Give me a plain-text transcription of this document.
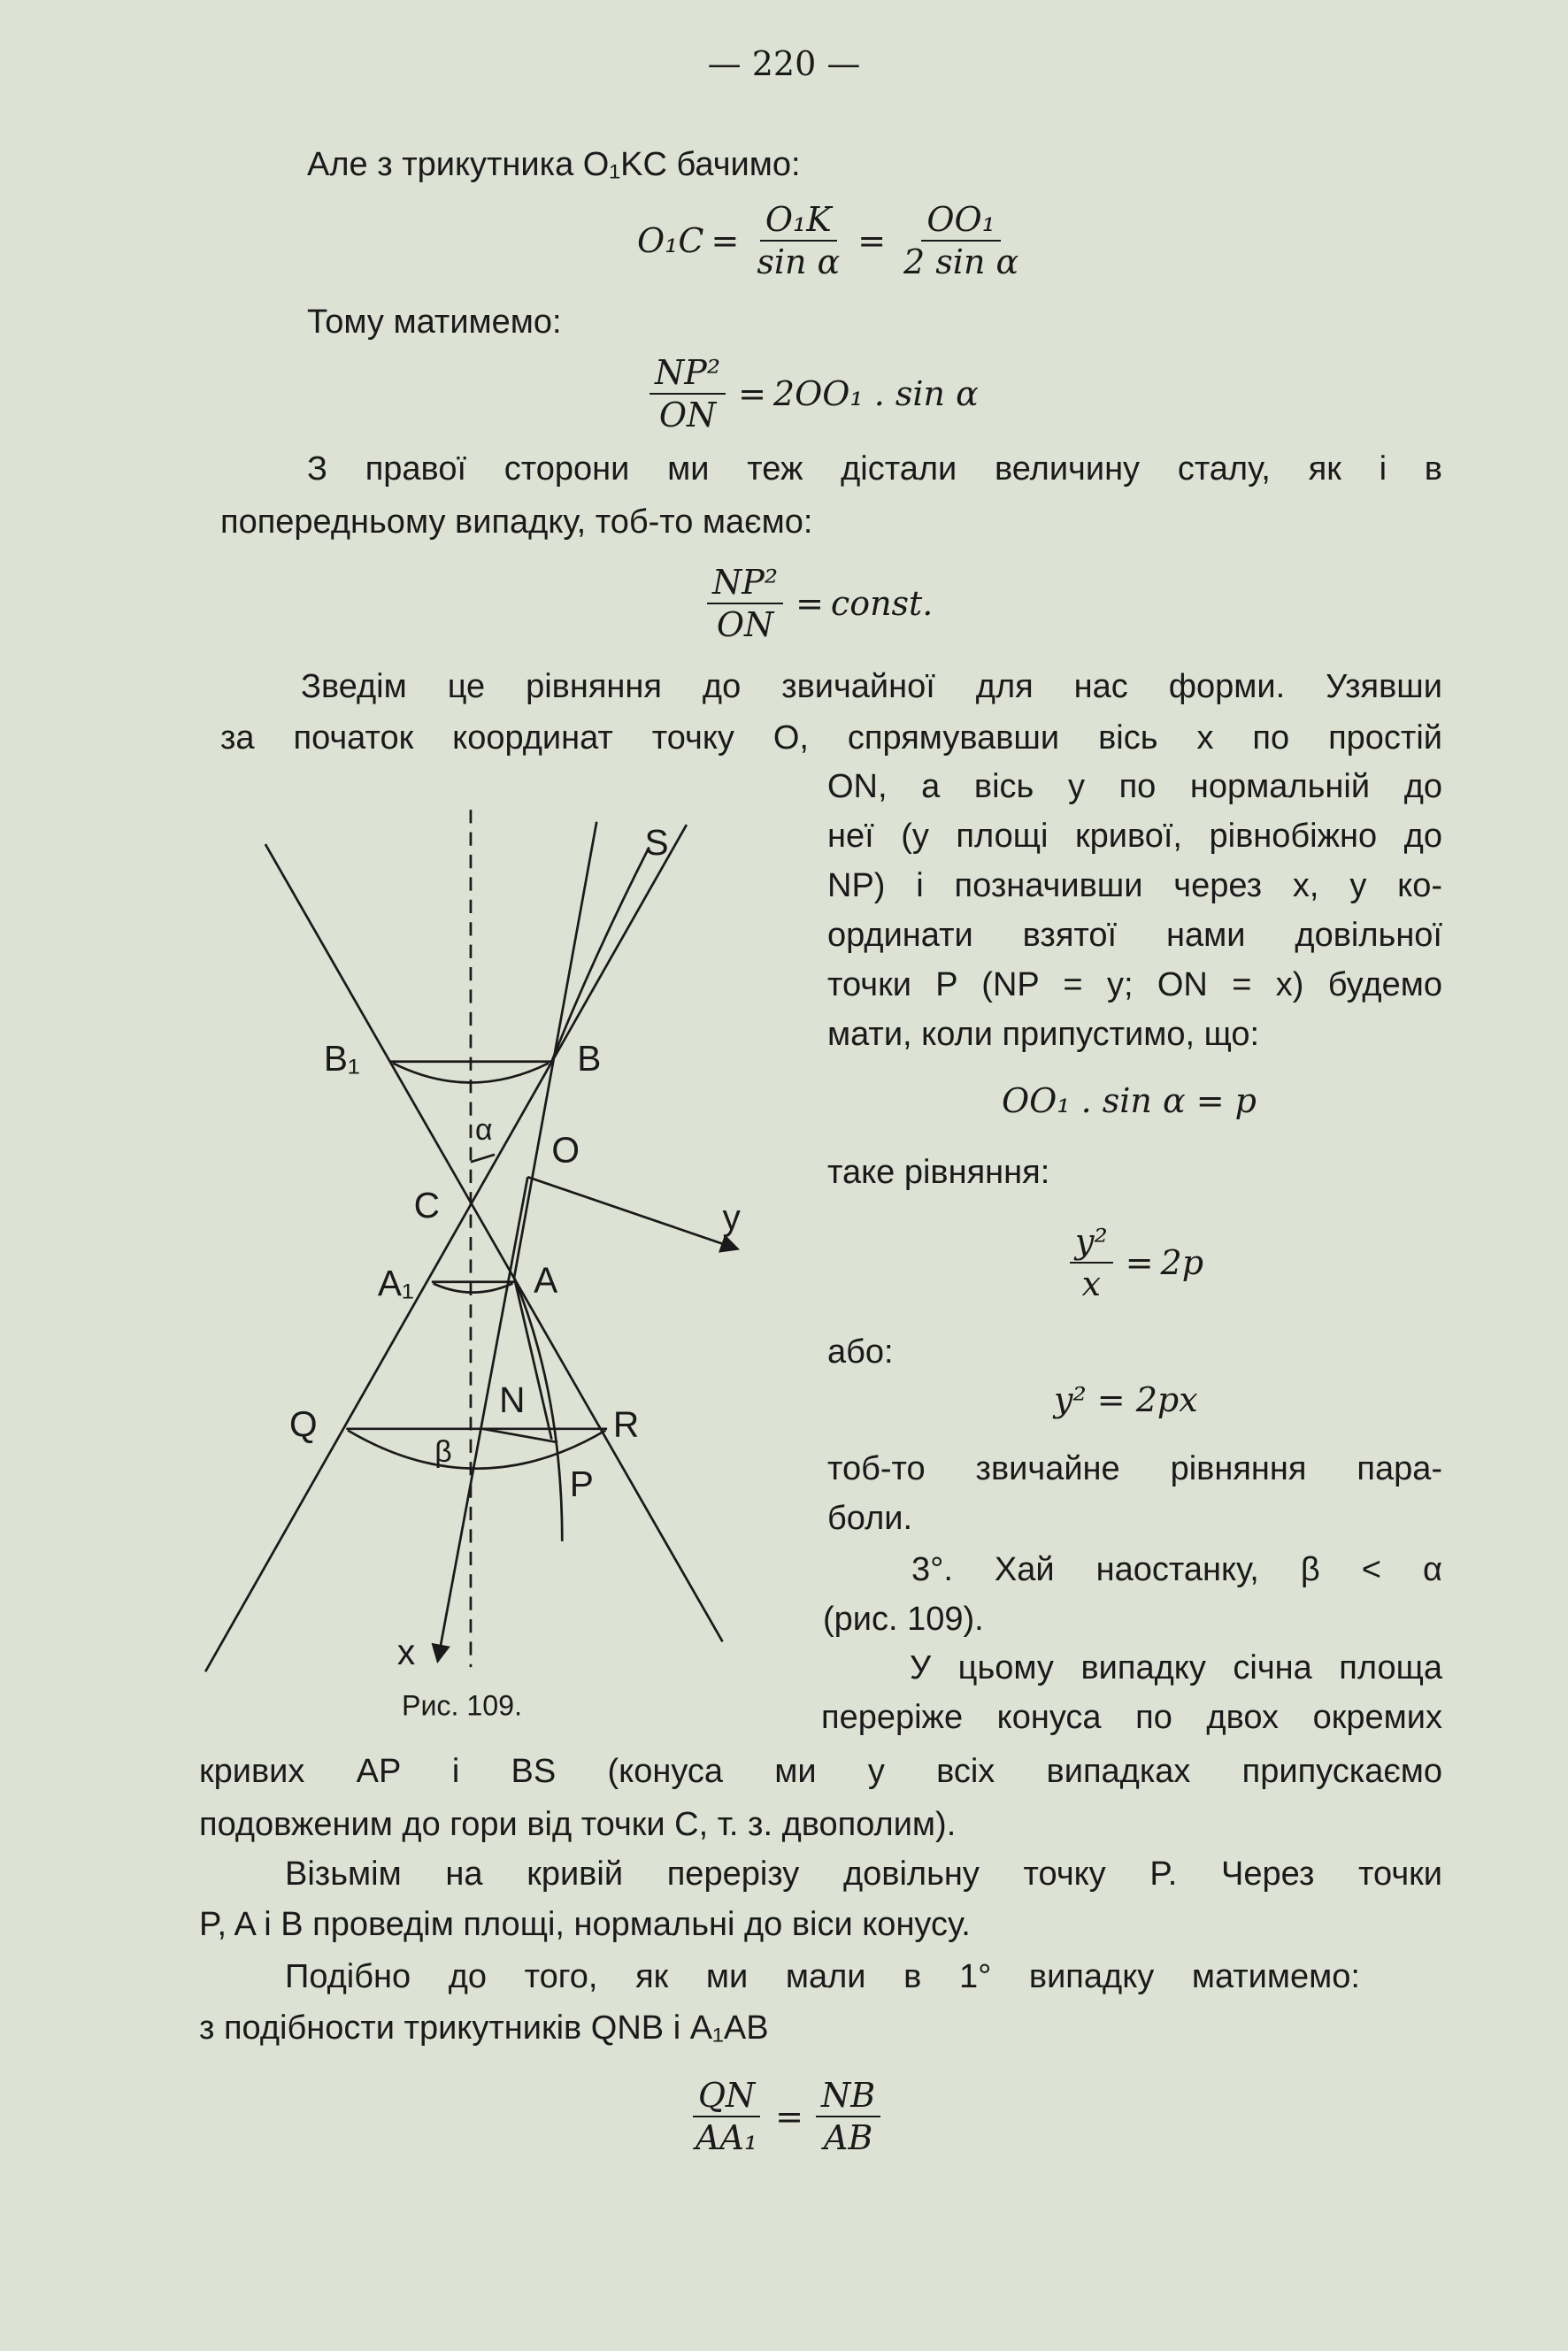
— 220 —
Але з трикутника O₁KC бачимо:
$O_1C = \frac{\text{O₁K}}{\text{sin α}} = \frac{\text{OO₁}}{\text{2 sin α}}$
Тому матимемо:
$\frac{\text{NP²}}{ON} = 2OO_1$ . sin α
З правої сторони ми теж дістали величину сталу, як і в
попередньому випадку, тоб-то маємо:
$\frac{\text{NP²}}{ON}$ = const.
Зведім це рівняння до звичайної для нас форми. Узявши
за початок координат точку O, спрямувавши вісь x по простій
ON, а вісь y по нормальній до
неї (у площі кривої, рівнобіжно до
NP) і позначивши через x, y ко-
ординати взятої нами довільної
точки P (NP = y; ON = x) будемо
мати, коли припустимо, що:
OO₁ . sin α = p
таке рівняння:
$\frac{\text{y²}}{x} = 2p$
або:
y² = 2px
тоб-то звичайне рівняння пара-
боли.
3°. Хай наостанку, β < α
(рис. 109).
У цьому випадку січна площа
переріже конуса по двох окремих
кривих AP і BS (конуса ми у всіх випадках припускаємо
подовженим до гори від точки C, т. з. двополим).
Візьмім на кривій перерізу довільну точку P. Через точки
P, A і B проведім площі, нормальні до віси конусу.
Подібно до того, як ми мали в 1° випадку матимемо:
з подібности трикутників QNB і A₁AB
$\frac{QN}{\text{AA₁}} = \frac{NB}{AB}$
S
B₁	B
α	O
C	y
A₁	A
N
Q	R
β
P
x
Рис. 109.
